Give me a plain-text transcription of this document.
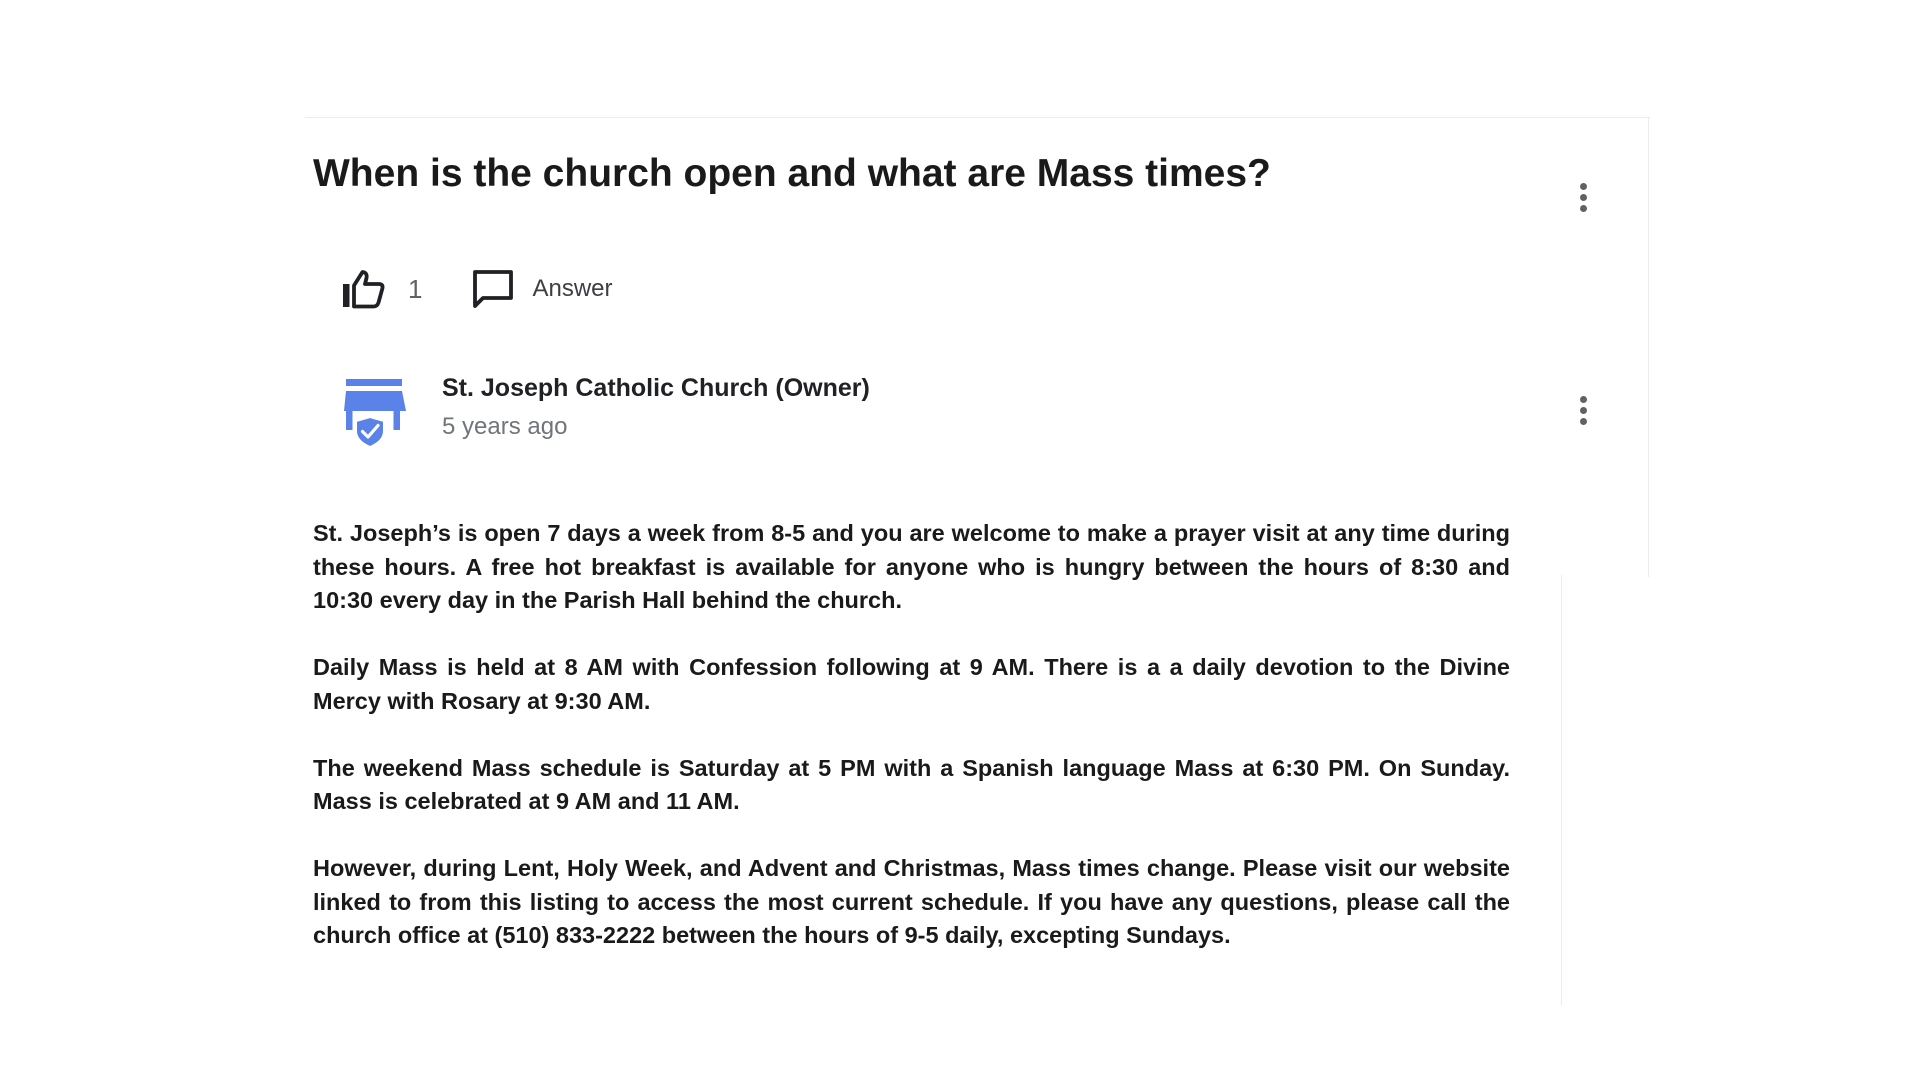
When is the church open and what are Mass times?
1	Answer
St. Joseph Catholic Church (Owner)
5 years ago

St. Joseph’s is open 7 days a week from 8-5 and you are welcome to make a prayer visit at any time during these hours. A free hot breakfast is available for anyone who is hungry between the hours of 8:30 and 10:30 every day in the Parish Hall behind the church.

Daily Mass is held at 8 AM with Confession following at 9 AM. There is a a daily devotion to the Divine Mercy with Rosary at 9:30 AM.

The weekend Mass schedule is Saturday at 5 PM with a Spanish language Mass at 6:30 PM. On Sunday. Mass is celebrated at 9 AM and 11 AM.

However, during Lent, Holy Week, and Advent and Christmas, Mass times change. Please visit our website linked to from this listing to access the most current schedule. If you have any questions, please call the church office at (510) 833-2222 between the hours of 9-5 daily, excepting Sundays.
